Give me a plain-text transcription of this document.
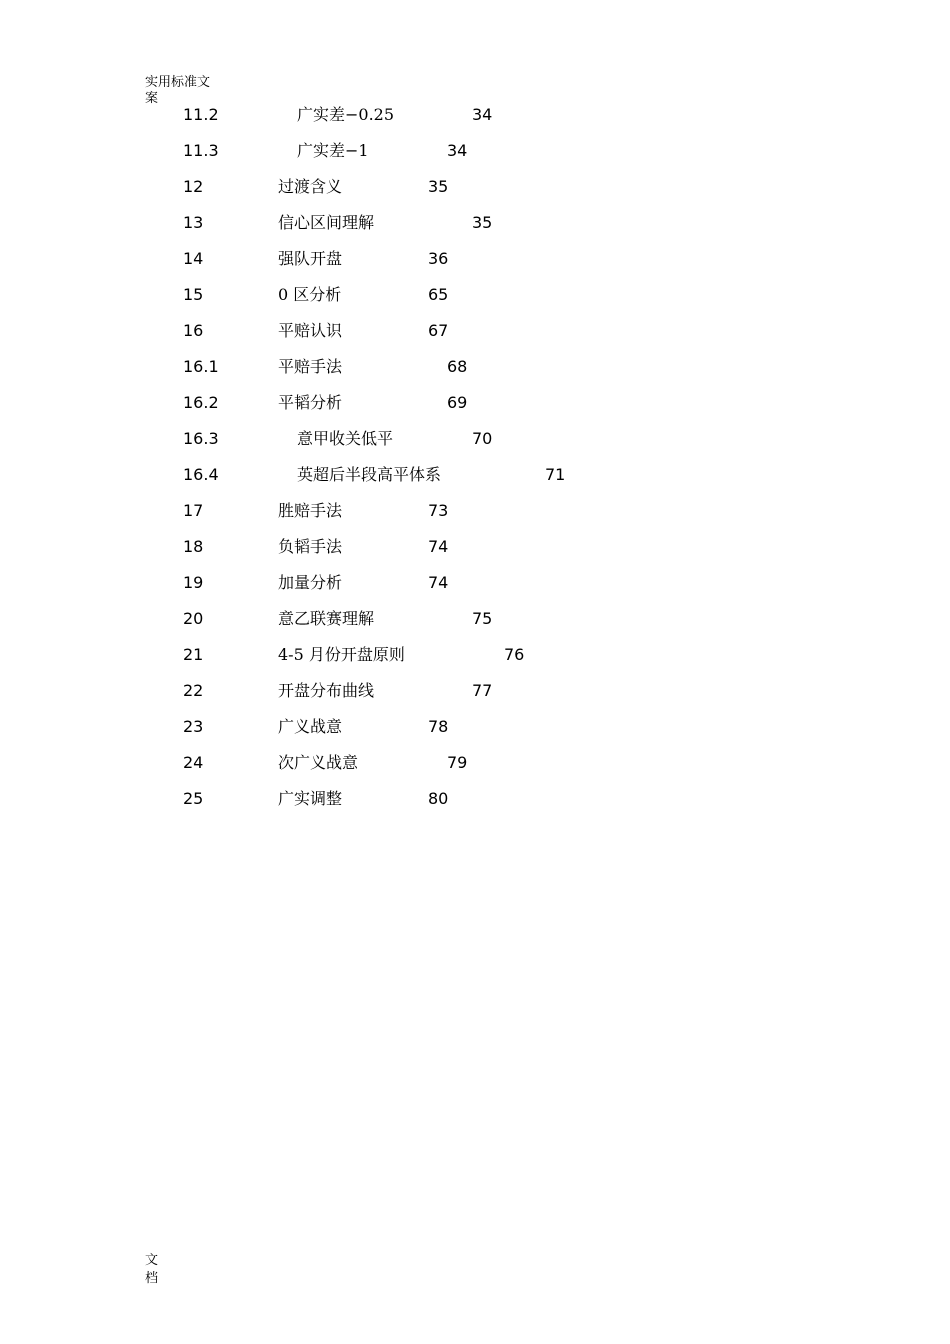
实用标准文案
11.2	广实差−0.25	34
11.3	广实差−1	34
12	过渡含义	35
13	信心区间理解	35
14	强队开盘	36
15	0 区分析	65
16	平赔认识	67
16.1	平赔手法	68
16.2	平韬分析	69
16.3	意甲收关低平	70
16.4	英超后半段高平体系	71
17	胜赔手法	73
18	负韬手法	74
19	加量分析	74
20	意乙联赛理解	75
21	4-5 月份开盘原则	76
22	开盘分布曲线	77
23	广义战意	78
24	次广义战意	79
25	广实调整	80
文档
